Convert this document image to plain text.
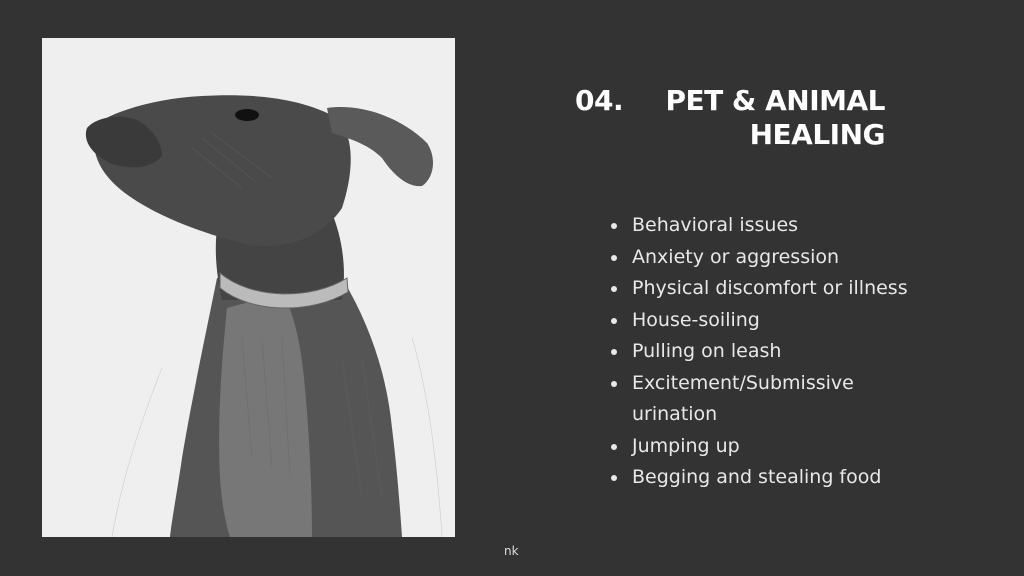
04. PET & ANIMAL
HEALING
Behavioral issues
Anxiety or aggression
Physical discomfort or illness
House-soiling
Pulling on leash
Excitement/Submissive urination
Jumping up
Begging and stealing food
nk
